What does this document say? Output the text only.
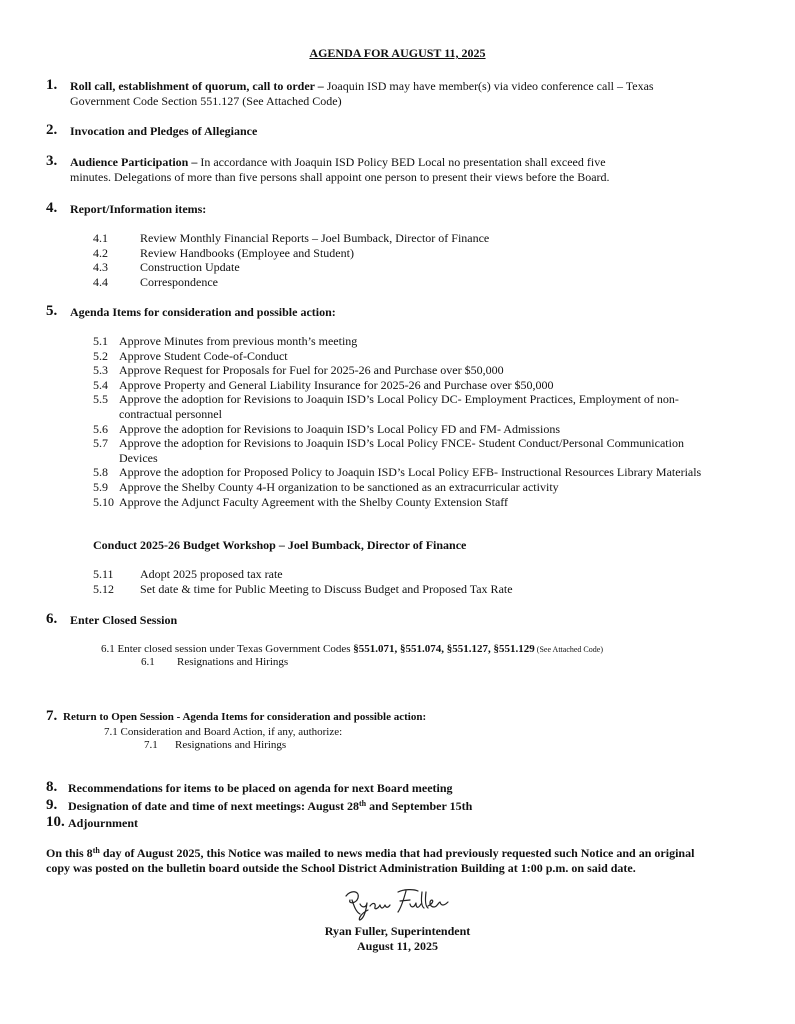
AGENDA FOR AUGUST 11, 2025
1. Roll call, establishment of quorum, call to order – Joaquin ISD may have member(s) via video conference call – Texas
Government Code Section 551.127 (See Attached Code)
2. Invocation and Pledges of Allegiance
3. Audience Participation – In accordance with Joaquin ISD Policy BED Local no presentation shall exceed five
minutes. Delegations of more than five persons shall appoint one person to present their views before the Board.
4. Report/Information items:
4.1	Review Monthly Financial Reports – Joel Bumback, Director of Finance
4.2	Review Handbooks (Employee and Student)
4.3	Construction Update
4.4	Correspondence
5. Agenda Items for consideration and possible action:
5.1 Approve Minutes from previous month’s meeting
5.2 Approve Student Code-of-Conduct
5.3 Approve Request for Proposals for Fuel for 2025-26 and Purchase over $50,000
5.4 Approve Property and General Liability Insurance for 2025-26 and Purchase over $50,000
5.5 Approve the adoption for Revisions to Joaquin ISD’s Local Policy DC- Employment Practices, Employment of non-
contractual personnel
5.6 Approve the adoption for Revisions to Joaquin ISD’s Local Policy FD and FM- Admissions
5.7 Approve the adoption for Revisions to Joaquin ISD’s Local Policy FNCE- Student Conduct/Personal Communication
Devices
5.8 Approve the adoption for Proposed Policy to Joaquin ISD’s Local Policy EFB- Instructional Resources Library Materials
5.9 Approve the Shelby County 4-H organization to be sanctioned as an extracurricular activity
5.10 Approve the Adjunct Faculty Agreement with the Shelby County Extension Staff
Conduct 2025-26 Budget Workshop – Joel Bumback, Director of Finance
5.11 Adopt 2025 proposed tax rate
5.12 Set date & time for Public Meeting to Discuss Budget and Proposed Tax Rate
6. Enter Closed Session
6.1 Enter closed session under Texas Government Codes §551.071, §551.074, §551.127, §551.129 (See Attached Code)
6.1 Resignations and Hirings
7. Return to Open Session - Agenda Items for consideration and possible action:
7.1 Consideration and Board Action, if any, authorize:
7.1 Resignations and Hirings
8. Recommendations for items to be placed on agenda for next Board meeting
9. Designation of date and time of next meetings: August 28th and September 15th
10. Adjournment
On this 8th day of August 2025, this Notice was mailed to news media that had previously requested such Notice and an original
copy was posted on the bulletin board outside the School District Administration Building at 1:00 p.m. on said date.
Ryan Fuller, Superintendent
August 11, 2025
